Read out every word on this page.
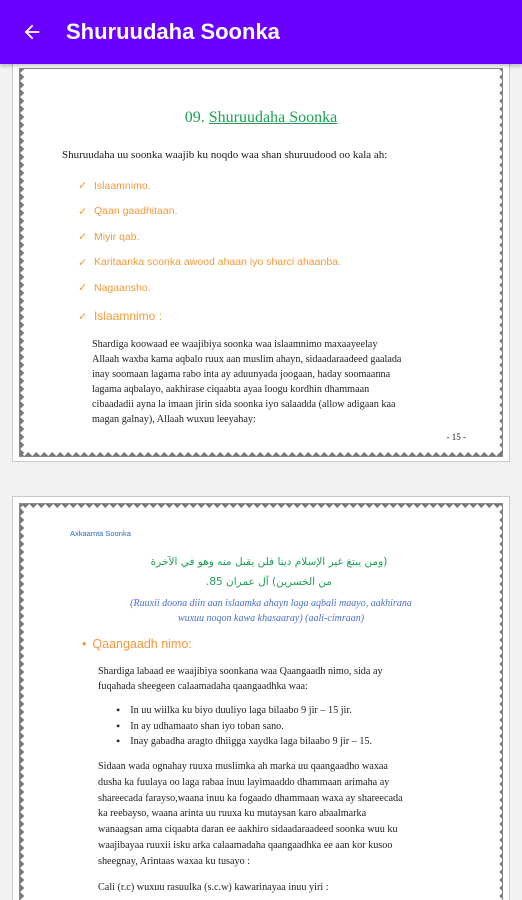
Shuruudaha Soonka
09. Shuruudaha Soonka
Shuruudaha uu soonka waajib ku noqdo waa shan shuruudood oo kala ah:
✓ Islaamnimo.
✓ Qaan gaadhitaan.
✓ Miyir qab.
✓ Karitaanka soonka awood ahaan iyo sharci ahaanba.
✓ Nagaansho.
✓ Islaamnimo :
Shardiga koowaad ee waajibiya soonka waa islaamnimo maxaayeelay
Allaah waxba kama aqbalo ruux aan muslim ahayn, sidaadaraadeed gaalada
inay soomaan lagama rabo inta ay aduunyada joogaan, haday soomaanna
lagama aqbalayo, aakhirase ciqaabta ayaa loogu kordhin dhammaan
cibaadadii ayna la imaan jirin sida soonka iyo salaadda (allow adigaan kaa
magan galnay), Allaah wuxuu leeyahay:
- 15 -
Axkaamta Soonka
(ومن يبتغ غير الإسلام دينا فلن يقبل منه وهو في الآخرة
من الخسرين) آل عمران 85.
(Ruuxii doona diin aan islaamka ahayn laga aqbali maayo, aakhirana
wuxuu noqon kawa khasaaray) (aali-cimraan)
• Qaangaadh nimo:
Shardiga labaad ee waajibiya soonkana waa Qaangaadh nimo, sida ay
fuqahada sheegeen calaamadaha qaangaadhka waa:
• In uu wiilka ku biyo duuliyo laga bilaabo 9 jir – 15 jir.
• In ay udhamaato shan iyo toban sano.
• Inay gabadha aragto dhiigga xaydka laga bilaabo 9 jir – 15.
Sidaan wada ognahay ruuxa muslimka ah marka uu qaangaadho waxaa
dusha ka fuulaya oo laga rabaa inuu layimaaddo dhammaan arimaha ay
shareecada farayso,waana inuu ka fogaado dhammaan waxa ay shareecada
ka reebayso, waana arinta uu ruuxa ku mutaysan karo abaalmarka
wanaagsan ama ciqaabta daran ee aakhiro sidaadaraadeed soonka wuu ku
waajibayaa ruuxii isku arka calaamadaha qaangaadhka ee aan kor kusoo
sheegnay, Arintaas waxaa ku tusayo :
Cali (r.c) wuxuu rasuulka (s.c.w) kawarinayaa inuu yiri :
